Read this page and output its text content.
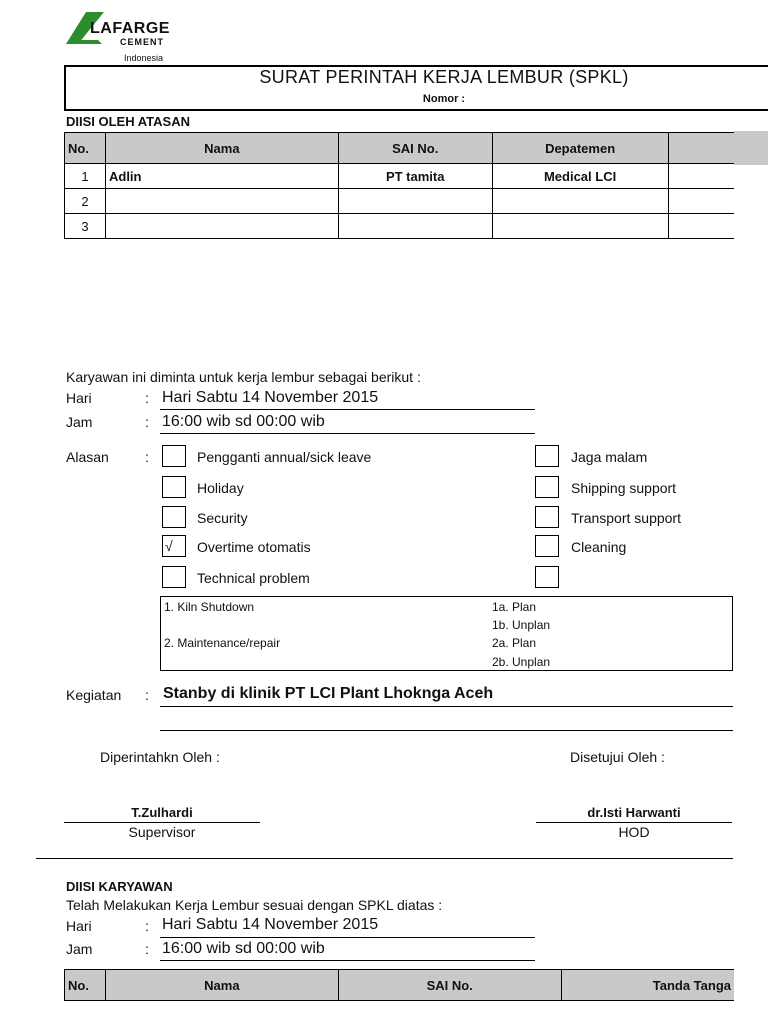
LAFARGE
CEMENT
Indonesia
SURAT PERINTAH KERJA LEMBUR (SPKL)
Nomor :
DIISI OLEH ATASAN
No.	Nama	SAI No.	Depatemen	
1	Adlin	PT tamita	Medical LCI	
2				
3				
Karyawan ini diminta untuk kerja lembur sebagai berikut :
Hari	: Hari Sabtu 14 November 2015
Jam	: 16:00 wib sd 00:00 wib
Alasan	:	Pengganti annual/sick leave
Holiday
Security
√	Overtime otomatis
Technical problem
Jaga malam
Shipping support
Transport support
Cleaning
1. Kiln Shutdown
2. Maintenance/repair
1a. Plan
1b. Unplan
2a. Plan
2b. Unplan
Kegiatan : Stanby di klinik PT LCI Plant Lhoknga Aceh
Diperintahkn Oleh :	Disetujui Oleh :
T.Zulhardi
Supervisor
dr.Isti Harwanti
HOD
DIISI KARYAWAN
Telah Melakukan Kerja Lembur sesuai dengan SPKL diatas :
Hari	: Hari Sabtu 14 November 2015
Jam	: 16:00 wib sd 00:00 wib
No.	Nama	SAI No.	Tanda Tanga
